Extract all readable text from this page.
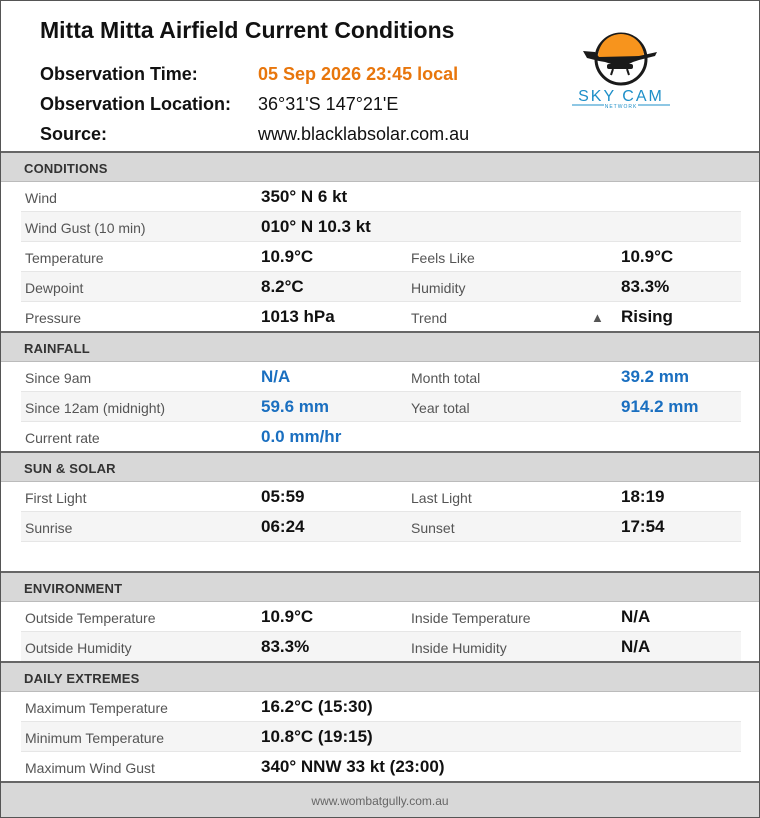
Mitta Mitta Airfield Current Conditions
Observation Time:	05 Sep 2026 23:45 local
Observation Location: 36°31'S 147°21'E
Source:	www.blacklabsolar.com.au
SKY CAM
NETWORK
CONDITIONS
Wind	350° N 6 kt
Wind Gust (10 min)	010° N 10.3 kt
Temperature	10.9°C	Feels Like	10.9°C
Dewpoint	8.2°C	Humidity	83.3%
Pressure	1013 hPa	Trend	▲ Rising
RAINFALL
Since 9am	N/A	Month total	39.2 mm
Since 12am (midnight)	59.6 mm	Year total	914.2 mm
Current rate	0.0 mm/hr
SUN & SOLAR
First Light	05:59	Last Light	18:19
Sunrise	06:24	Sunset	17:54
ENVIRONMENT
Outside Temperature	10.9°C	Inside Temperature	N/A
Outside Humidity	83.3%	Inside Humidity	N/A
DAILY EXTREMES
Maximum Temperature	16.2°C (15:30)
Minimum Temperature	10.8°C (19:15)
Maximum Wind Gust	340° NNW 33 kt (23:00)
www.wombatgully.com.au
